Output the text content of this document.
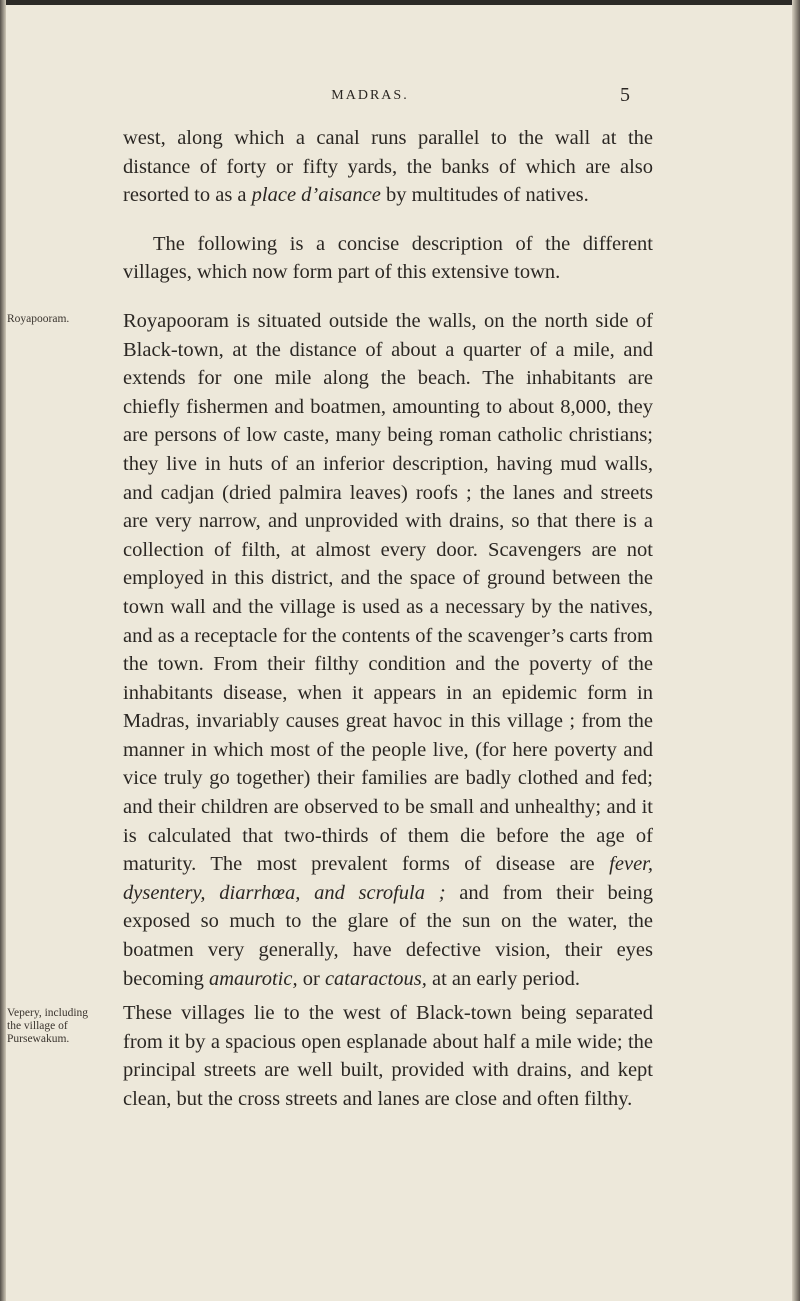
MADRAS.	5

west, along which a canal runs parallel to the wall at the distance of forty or fifty yards, the banks of which are also resorted to as a place d’aisance by multitudes of natives.

The following is a concise description of the different villages, which now form part of this extensive town.

Royapooram.	Royapooram is situated outside the walls, on the north side of Black-town, at the distance of about a quarter of a mile, and extends for one mile along the beach. The inhabitants are chiefly fishermen and boatmen, amounting to about 8,000, they are persons of low caste, many being roman catholic christians; they live in huts of an inferior description, having mud walls, and cadjan (dried palmira leaves) roofs ; the lanes and streets are very narrow, and unprovided with drains, so that there is a collection of filth, at almost every door. Scavengers are not employed in this district, and the space of ground between the town wall and the village is used as a necessary by the natives, and as a receptacle for the contents of the scavenger’s carts from the town. From their filthy condition and the poverty of the inhabitants disease, when it appears in an epidemic form in Madras, invariably causes great havoc in this village ; from the manner in which most of the people live, (for here poverty and vice truly go together) their families are badly clothed and fed; and their children are observed to be small and unhealthy; and it is calculated that two-thirds of them die before the age of maturity. The most prevalent forms of disease are fever, dysentery, diarrhœa, and scrofula ; and from their being exposed so much to the glare of the sun on the water, the boatmen very generally, have defective vision, their eyes becoming amaurotic, or cataractous, at an early period.

Vepery, including the village of Pursewakum.
These villages lie to the west of Black-town being separated from it by a spacious open esplanade about half a mile wide; the principal streets are well built, provided with drains, and kept clean, but the cross streets and lanes are close and often filthy.
